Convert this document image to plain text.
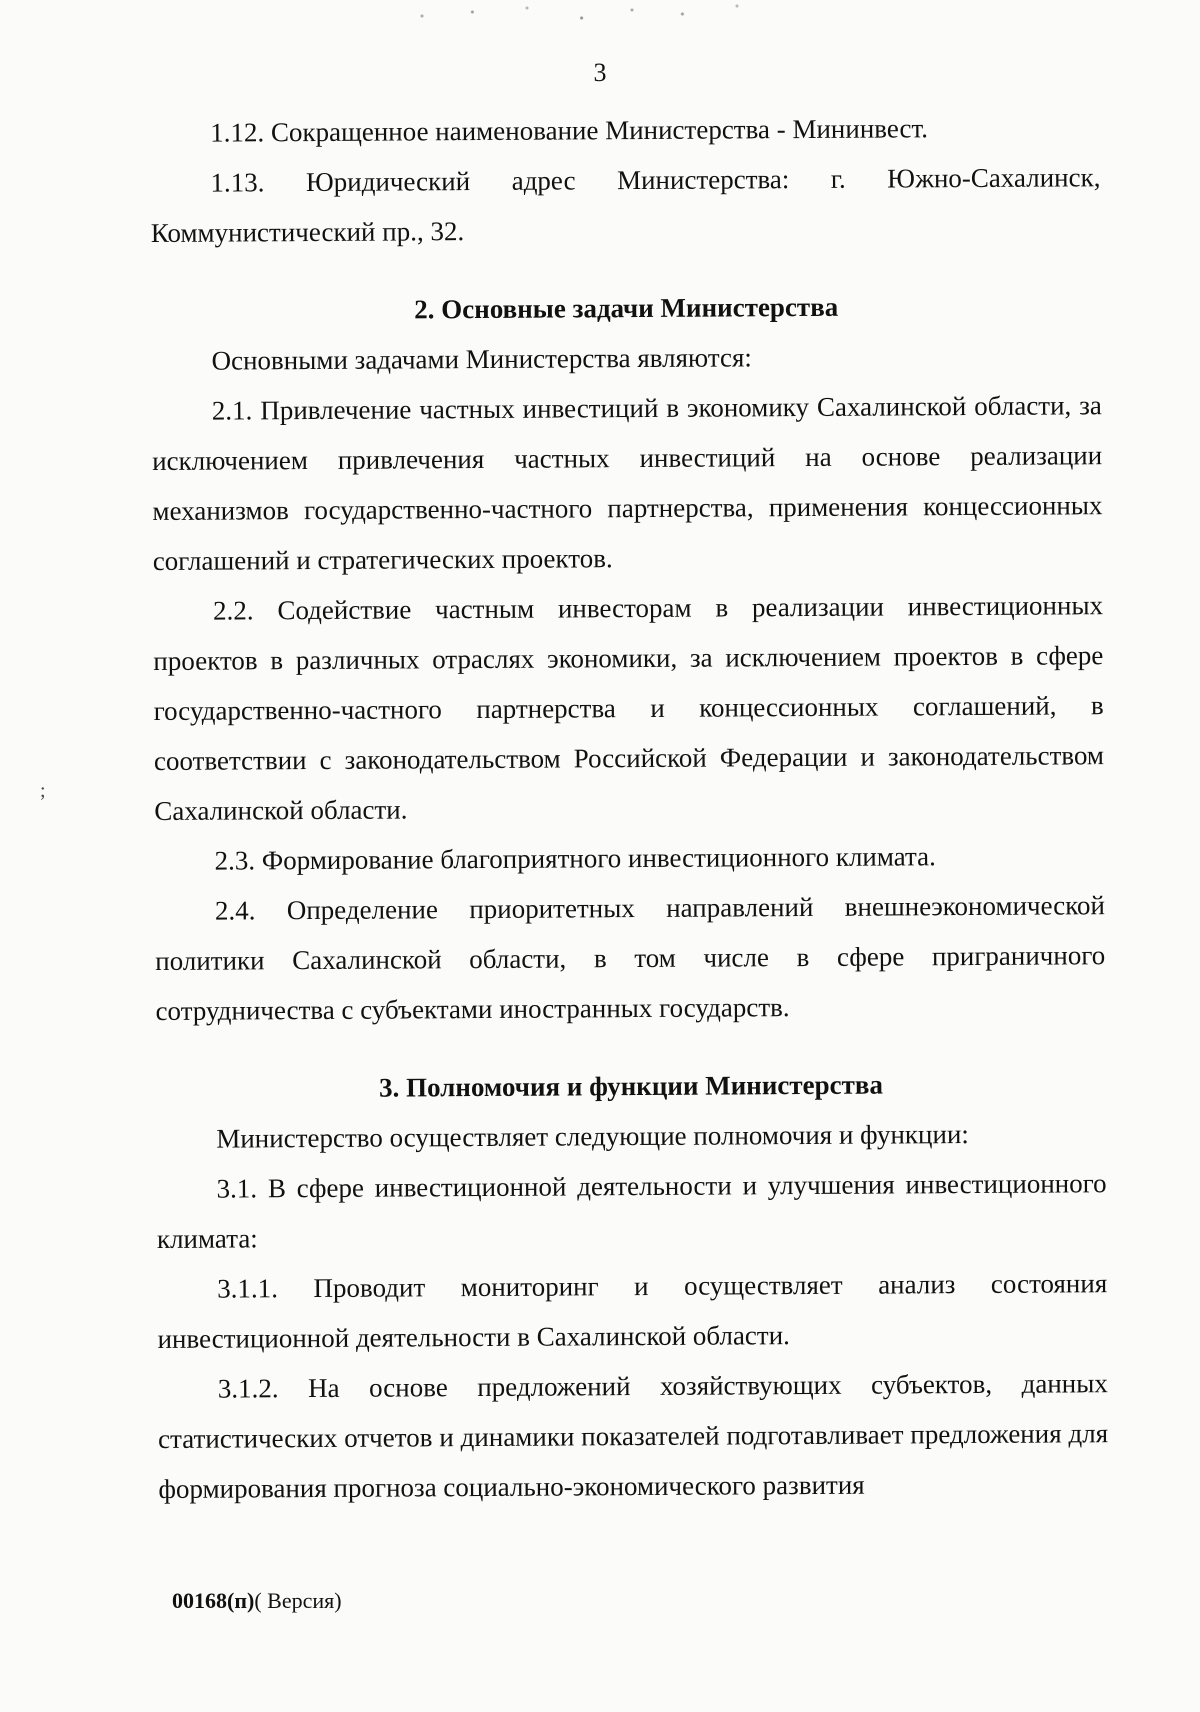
3
;

1.12. Сокращенное наименование Министерства - Мининвест.

1.13. Юридический адрес Министерства: г. Южно-Сахалинск, Коммунистический пр., 32.

2. Основные задачи Министерства

Основными задачами Министерства являются:

2.1. Привлечение частных инвестиций в экономику Сахалинской области, за исключением привлечения частных инвестиций на основе реализации механизмов государственно-частного партнерства, применения концессионных соглашений и стратегических проектов.

2.2. Содействие частным инвесторам в реализации инвестиционных проектов в различных отраслях экономики, за исключением проектов в сфере государственно-частного партнерства и концессионных соглашений, в соответствии с законодательством Российской Федерации и законодательством Сахалинской области.

2.3. Формирование благоприятного инвестиционного климата.

2.4. Определение приоритетных направлений внешнеэкономической политики Сахалинской области, в том числе в сфере приграничного сотрудничества с субъектами иностранных государств.

3. Полномочия и функции Министерства

Министерство осуществляет следующие полномочия и функции:

3.1. В сфере инвестиционной деятельности и улучшения инвестиционного климата:

3.1.1. Проводит мониторинг и осуществляет анализ состояния инвестиционной деятельности в Сахалинской области.

3.1.2. На основе предложений хозяйствующих субъектов, данных статистических отчетов и динамики показателей подготавливает предложения для формирования прогноза социально-экономического развития

00168(п)( Версия)
